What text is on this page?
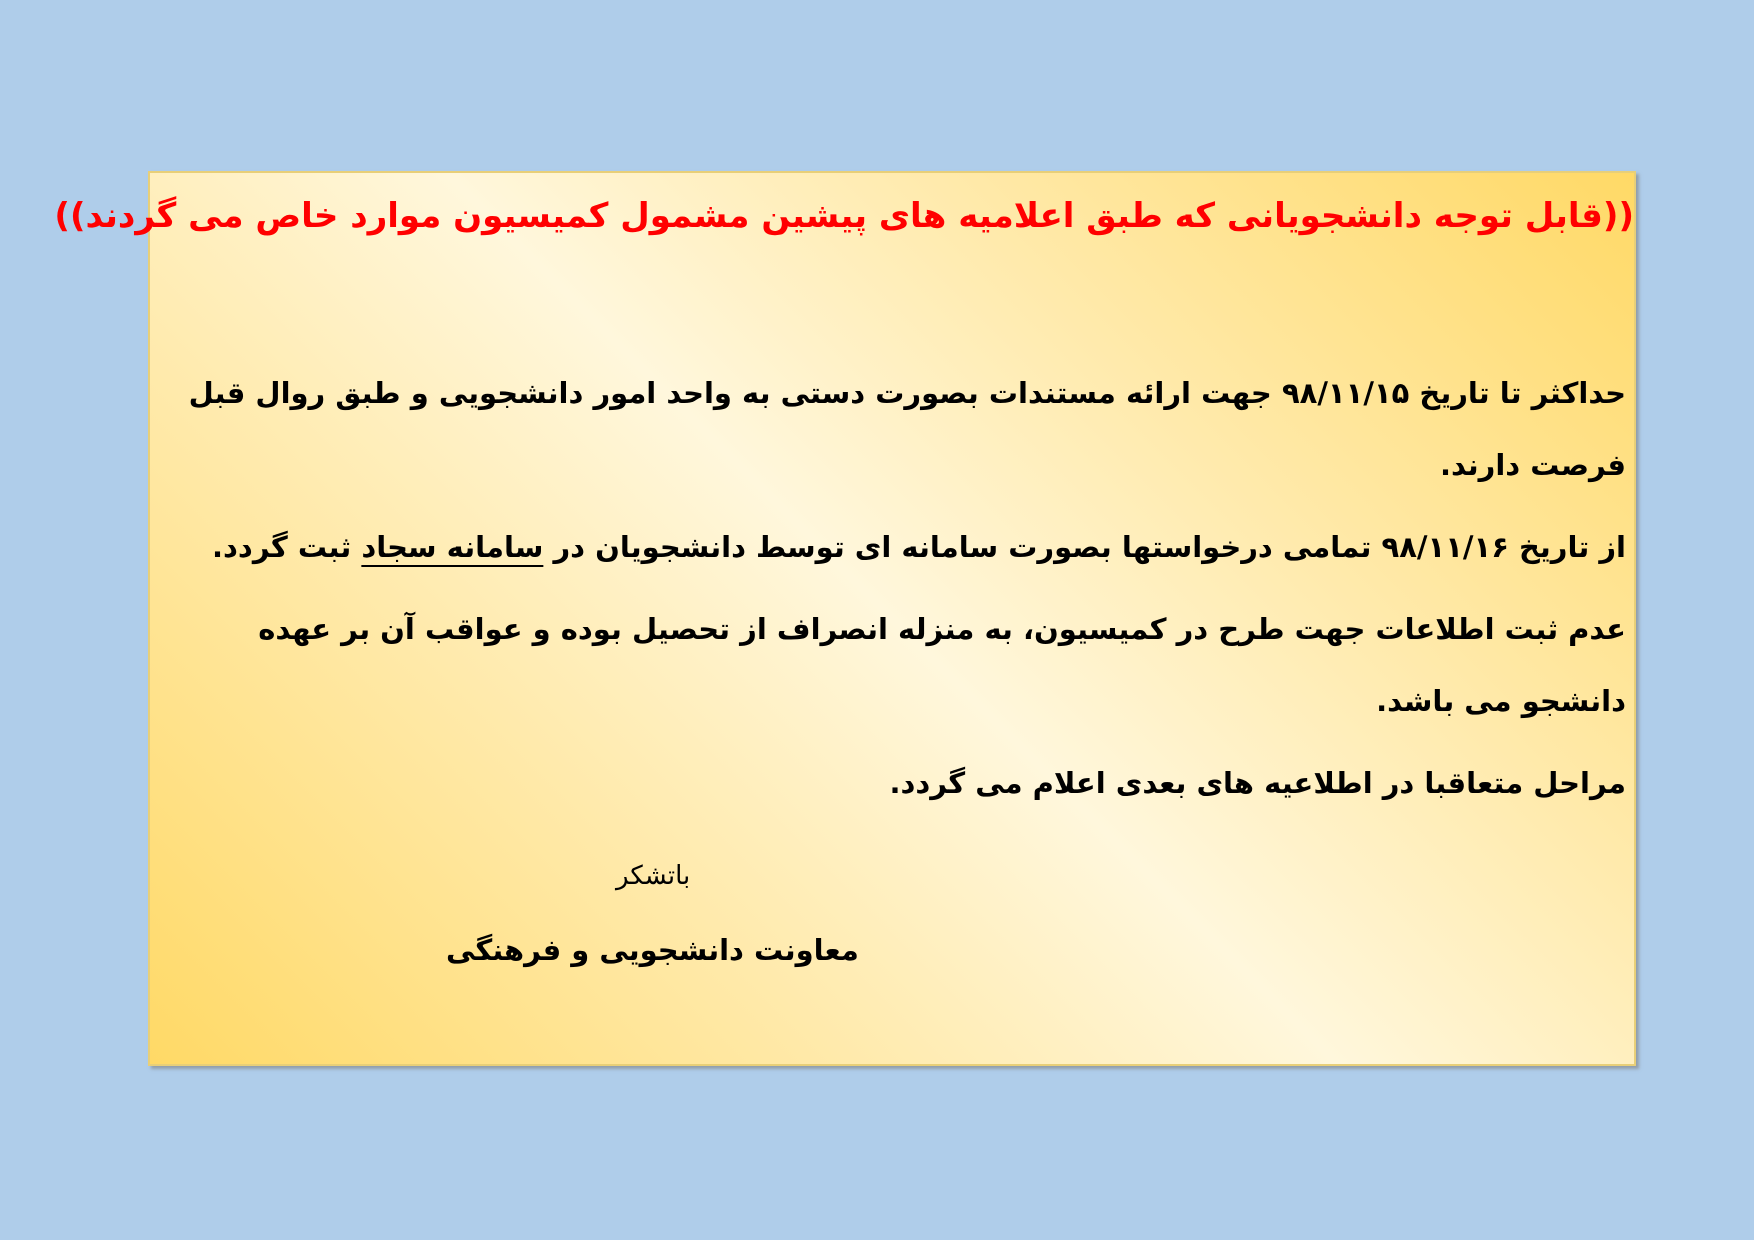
((قابل توجه دانشجویانی که طبق اعلامیه های پیشین مشمول کمیسیون موارد خاص می گردند))

حداکثر تا تاریخ ۹۸/۱۱/۱۵ جهت ارائه مستندات بصورت دستی به واحد امور دانشجویی و طبق روال قبل فرصت دارند.

از تاریخ ۹۸/۱۱/۱۶ تمامی درخواستها بصورت سامانه ای توسط دانشجویان در سامانه سجاد ثبت گردد.

عدم ثبت اطلاعات جهت طرح در کمیسیون، به منزله انصراف از تحصیل بوده و عواقب آن بر عهده دانشجو می باشد.

مراحل متعاقبا در اطلاعیه های بعدی اعلام می گردد.

باتشکر
معاونت دانشجویی و فرهنگی
